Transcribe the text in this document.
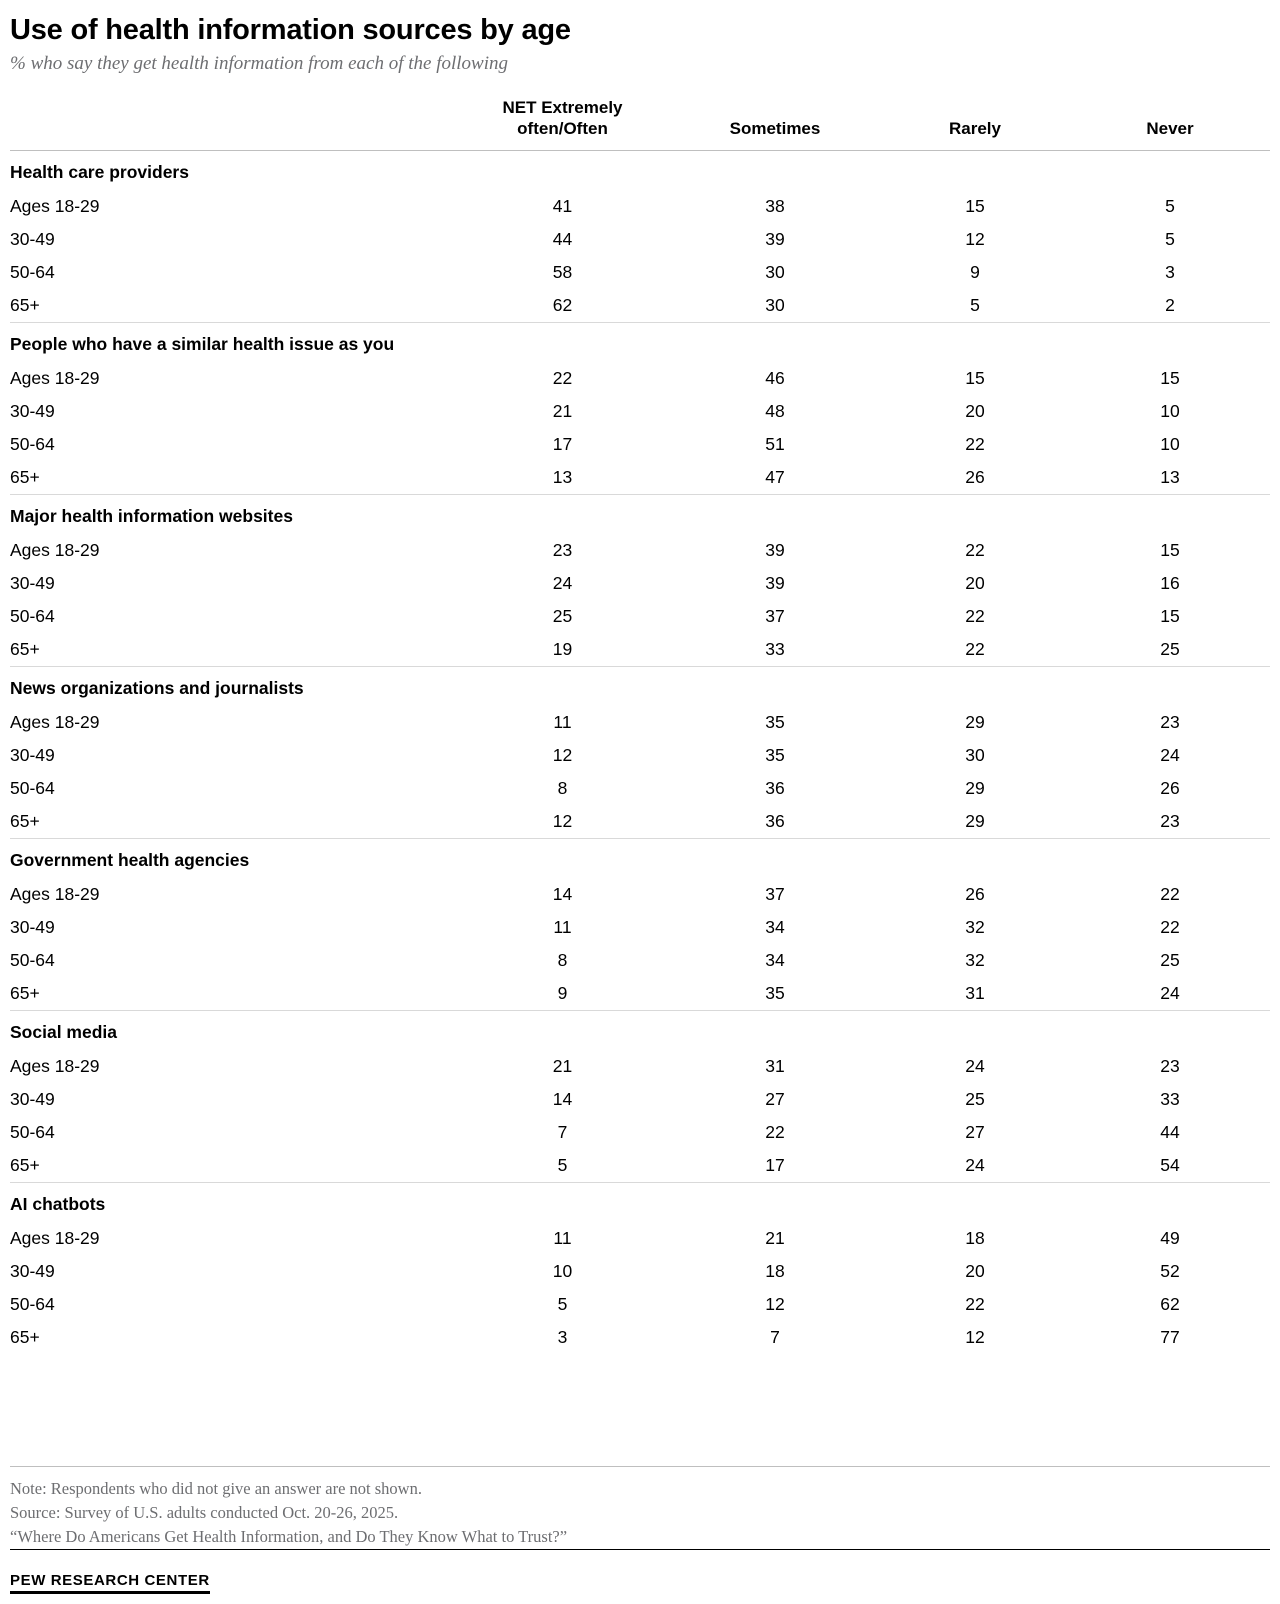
Use of health information sources by age
% who say they get health information from each of the following

	NET Extremely
often/Often	Sometimes	Rarely	Never
Health care providers				
Ages 18-29	41	38	15	5
30-49	44	39	12	5
50-64	58	30	9	3
65+	62	30	5	2
People who have a similar health issue as you				
Ages 18-29	22	46	15	15
30-49	21	48	20	10
50-64	17	51	22	10
65+	13	47	26	13
Major health information websites				
Ages 18-29	23	39	22	15
30-49	24	39	20	16
50-64	25	37	22	15
65+	19	33	22	25
News organizations and journalists				
Ages 18-29	11	35	29	23
30-49	12	35	30	24
50-64	8	36	29	26
65+	12	36	29	23
Government health agencies				
Ages 18-29	14	37	26	22
30-49	11	34	32	22
50-64	8	34	32	25
65+	9	35	31	24
Social media				
Ages 18-29	21	31	24	23
30-49	14	27	25	33
50-64	7	22	27	44
65+	5	17	24	54
AI chatbots				
Ages 18-29	11	21	18	49
30-49	10	18	20	52
50-64	5	12	22	62
65+	3	7	12	77
Note: Respondents who did not give an answer are not shown.
Source: Survey of U.S. adults conducted Oct. 20-26, 2025.
“Where Do Americans Get Health Information, and Do They Know What to Trust?”
PEW RESEARCH CENTER
